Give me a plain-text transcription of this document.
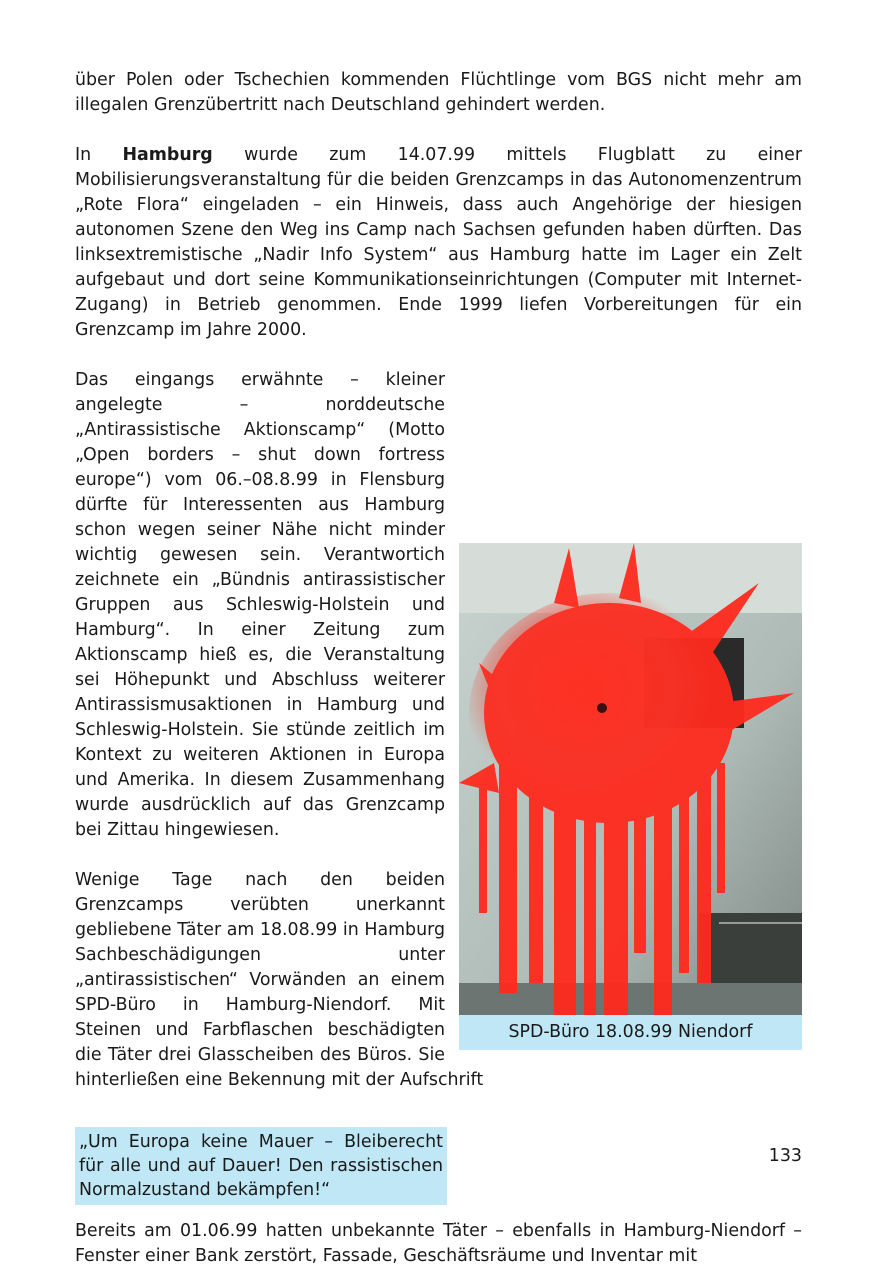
über Polen oder Tschechien kommenden Flüchtlinge vom BGS nicht mehr am illegalen Grenzübertritt nach Deutschland gehindert werden.

In Hamburg wurde zum 14.07.99 mittels Flugblatt zu einer Mobilisierungsveranstaltung für die beiden Grenzcamps in das Autonomenzentrum „Rote Flora“ eingeladen – ein Hinweis, dass auch Angehörige der hiesigen autonomen Szene den Weg ins Camp nach Sachsen gefunden haben dürften. Das linksextremistische „Nadir Info System“ aus Hamburg hatte im Lager ein Zelt aufgebaut und dort seine Kommunikationseinrichtungen (Computer mit Internet-Zugang) in Betrieb genommen. Ende 1999 liefen Vorbereitungen für ein Grenzcamp im Jahre 2000.

SPD-Büro 18.08.99 Niendorf
Das eingangs erwähnte – kleiner angelegte – norddeutsche „Antirassistische Aktionscamp“ (Motto „Open borders – shut down fortress europe“) vom 06.–08.8.99 in Flensburg dürfte für Interessenten aus Hamburg schon wegen seiner Nähe nicht minder wichtig gewesen sein. Verantwortich zeichnete ein „Bündnis antirassistischer Gruppen aus Schleswig-Holstein und Hamburg“. In einer Zeitung zum Aktionscamp hieß es, die Veranstaltung sei Höhepunkt und Abschluss weiterer Antirassismusaktionen in Hamburg und Schleswig-Holstein. Sie stünde zeitlich im Kontext zu weiteren Aktionen in Europa und Amerika. In diesem Zusammenhang wurde ausdrücklich auf das Grenzcamp bei Zittau hingewiesen.

Wenige Tage nach den beiden Grenzcamps verübten unerkannt gebliebene Täter am 18.08.99 in Hamburg Sachbeschädigungen unter „antirassistischen“ Vorwänden an einem SPD-Büro in Hamburg-Niendorf. Mit Steinen und Farbflaschen beschädigten die Täter drei Glasscheiben des Büros. Sie hinterließen eine Bekennung mit der Aufschrift

„Um Europa keine Mauer – Bleiberecht für alle und auf Dauer! Den rassistischen Normalzustand bekämpfen!“

Bereits am 01.06.99 hatten unbekannte Täter – ebenfalls in Hamburg-Niendorf – Fenster einer Bank zerstört, Fassade, Geschäftsräume und Inventar mit

133
